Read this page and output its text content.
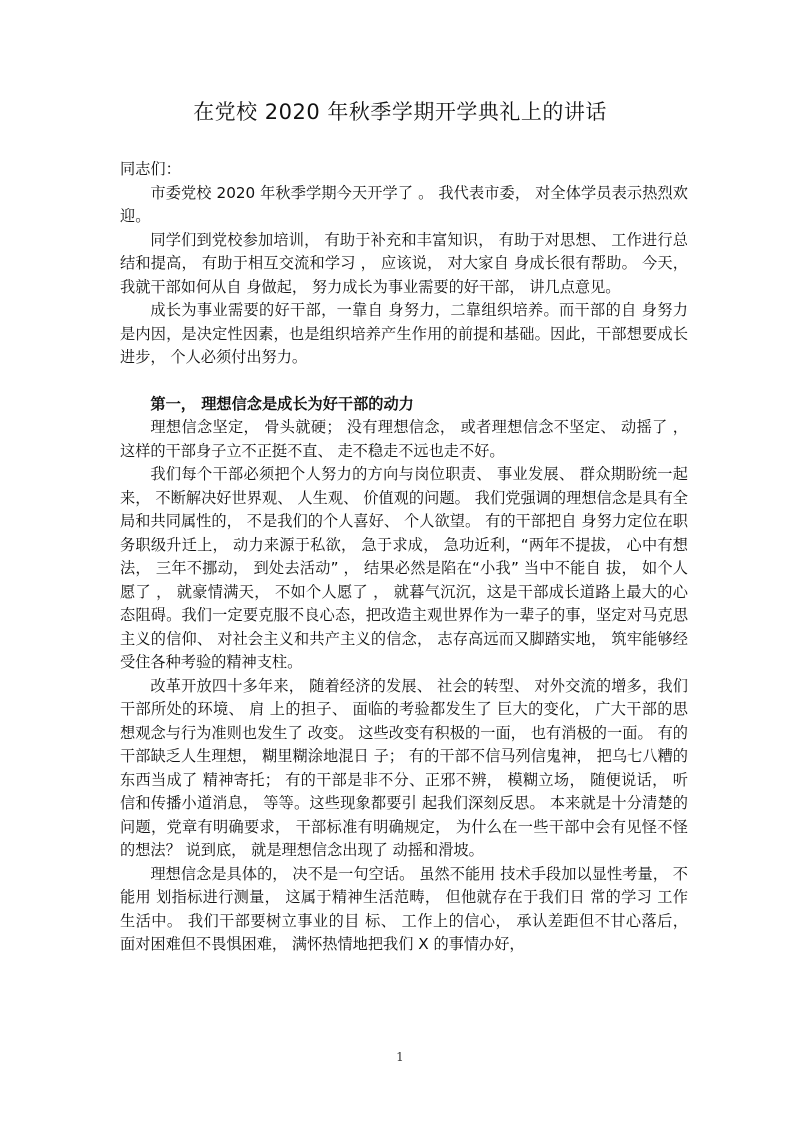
在党校 2020 年秋季学期开学典礼上的讲话

同志们：

市委党校 2020 年秋季学期今天开学了 。 我代表市委， 对全体学员表示热烈欢迎。

同学们到党校参加培训， 有助于补充和丰富知识， 有助于对思想、 工作进行总结和提高， 有助于相互交流和学习 ， 应该说， 对大家自 身成长很有帮助。 今天， 我就干部如何从自 身做起， 努力成长为事业需要的好干部， 讲几点意见。

成长为事业需要的好干部，一靠自 身努力，二靠组织培养。而干部的自 身努力是内因，是决定性因素，也是组织培养产生作用的前提和基础。因此，干部想要成长进步， 个人必须付出努力。

第一， 理想信念是成长为好干部的动力

理想信念坚定， 骨头就硬； 没有理想信念， 或者理想信念不坚定、 动摇了 ， 这样的干部身子立不正挺不直、 走不稳走不远也走不好。

我们每个干部必须把个人努力的方向与岗位职责、 事业发展、 群众期盼统一起来， 不断解决好世界观、 人生观、 价值观的问题。 我们党强调的理想信念是具有全局和共同属性的， 不是我们的个人喜好、 个人欲望。 有的干部把自 身努力定位在职务职级升迁上， 动力来源于私欲， 急于求成， 急功近利，“两年不提拔， 心中有想法， 三年不挪动， 到处去活动” ， 结果必然是陷在“小我” 当中不能自 拔， 如个人愿了 ， 就豪情满天， 不如个人愿了 ， 就暮气沉沉，这是干部成长道路上最大的心态阻碍。我们一定要克服不良心态，把改造主观世界作为一辈子的事，坚定对马克思主义的信仰、 对社会主义和共产主义的信念， 志存高远而又脚踏实地， 筑牢能够经受住各种考验的精神支柱。

改革开放四十多年来， 随着经济的发展、 社会的转型、 对外交流的增多，我们干部所处的环境、 肩 上的担子、 面临的考验都发生了 巨大的变化， 广大干部的思想观念与行为准则也发生了 改变。 这些改变有积极的一面， 也有消极的一面。 有的干部缺乏人生理想， 糊里糊涂地混日 子； 有的干部不信马列信鬼神， 把乌七八糟的东西当成了 精神寄托； 有的干部是非不分、正邪不辨， 模糊立场， 随便说话， 听信和传播小道消息， 等等。这些现象都要引 起我们深刻反思。 本来就是十分清楚的问题，党章有明确要求， 干部标准有明确规定， 为什么在一些干部中会有见怪不怪的想法？ 说到底， 就是理想信念出现了 动摇和滑坡。

理想信念是具体的， 决不是一句空话。 虽然不能用 技术手段加以显性考量， 不能用 划指标进行测量， 这属于精神生活范畴， 但他就存在于我们日 常的学习 工作生活中。 我们干部要树立事业的目 标、 工作上的信心， 承认差距但不甘心落后， 面对困难但不畏惧困难， 满怀热情地把我们 X 的事情办好，

1
